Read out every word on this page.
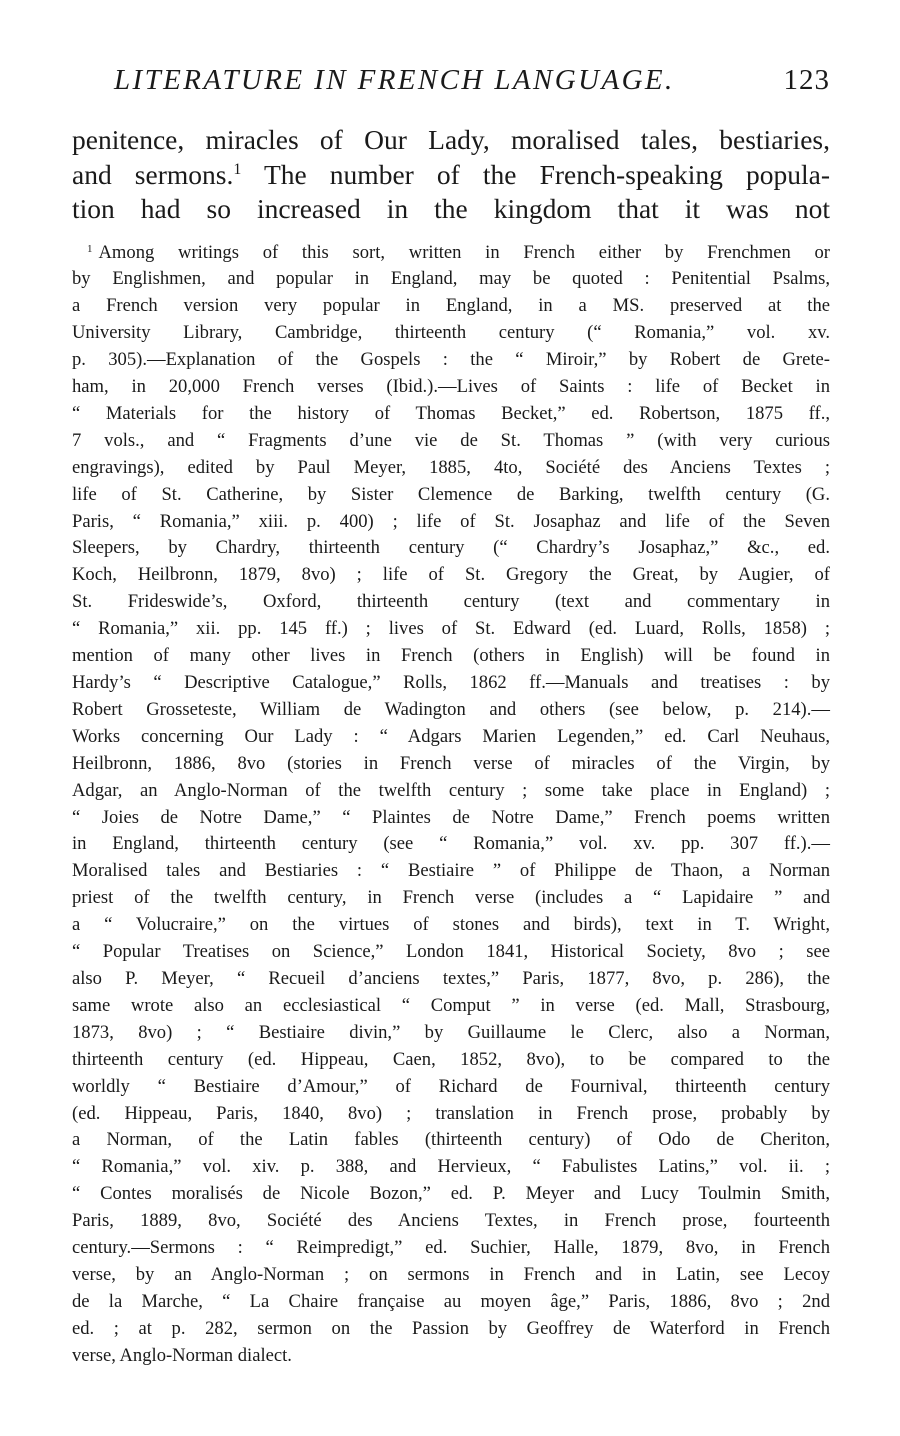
LITERATURE IN FRENCH LANGUAGE.	123
penitence, miracles of Our Lady, moralised tales, bestiaries,
and sermons.$^1$ The number of the French-speaking popula-
tion had so increased in the kingdom that it was not
$^1$ Among writings of this sort, written in French either by Frenchmen or
by Englishmen, and popular in England, may be quoted : Penitential Psalms,
a French version very popular in England, in a MS. preserved at the
University Library, Cambridge, thirteenth century (“ Romania,” vol. xv.
p. 305).—Explanation of the Gospels : the “ Miroir,” by Robert de Grete-
ham, in 20,000 French verses (Ibid.).—Lives of Saints : life of Becket in
“ Materials for the history of Thomas Becket,” ed. Robertson, 1875 ff.,
7 vols., and “ Fragments d’une vie de St. Thomas ” (with very curious
engravings), edited by Paul Meyer, 1885, 4to, Société des Anciens Textes ;
life of St. Catherine, by Sister Clemence de Barking, twelfth century (G.
Paris, “ Romania,” xiii. p. 400) ; life of St. Josaphaz and life of the Seven
Sleepers, by Chardry, thirteenth century (“ Chardry’s Josaphaz,” &c., ed.
Koch, Heilbronn, 1879, 8vo) ; life of St. Gregory the Great, by Augier, of
St. Frideswide’s, Oxford, thirteenth century (text and commentary in
“ Romania,” xii. pp. 145 ff.) ; lives of St. Edward (ed. Luard, Rolls, 1858) ;
mention of many other lives in French (others in English) will be found in
Hardy’s “ Descriptive Catalogue,” Rolls, 1862 ff.—Manuals and treatises : by
Robert Grosseteste, William de Wadington and others (see below, p. 214).—
Works concerning Our Lady : “ Adgars Marien Legenden,” ed. Carl Neuhaus,
Heilbronn, 1886, 8vo (stories in French verse of miracles of the Virgin, by
Adgar, an Anglo-Norman of the twelfth century ; some take place in England) ;
“ Joies de Notre Dame,” “ Plaintes de Notre Dame,” French poems written
in England, thirteenth century (see “ Romania,” vol. xv. pp. 307 ff.).—
Moralised tales and Bestiaries : “ Bestiaire ” of Philippe de Thaon, a Norman
priest of the twelfth century, in French verse (includes a “ Lapidaire ” and
a “ Volucraire,” on the virtues of stones and birds), text in T. Wright,
“ Popular Treatises on Science,” London 1841, Historical Society, 8vo ; see
also P. Meyer, “ Recueil d’anciens textes,” Paris, 1877, 8vo, p. 286), the
same wrote also an ecclesiastical “ Comput ” in verse (ed. Mall, Strasbourg,
1873, 8vo) ; “ Bestiaire divin,” by Guillaume le Clerc, also a Norman,
thirteenth century (ed. Hippeau, Caen, 1852, 8vo), to be compared to the
worldly “ Bestiaire d’Amour,” of Richard de Fournival, thirteenth century
(ed. Hippeau, Paris, 1840, 8vo) ; translation in French prose, probably by
a Norman, of the Latin fables (thirteenth century) of Odo de Cheriton,
“ Romania,” vol. xiv. p. 388, and Hervieux, “ Fabulistes Latins,” vol. ii. ;
“ Contes moralisés de Nicole Bozon,” ed. P. Meyer and Lucy Toulmin Smith,
Paris, 1889, 8vo, Société des Anciens Textes, in French prose, fourteenth
century.—Sermons : “ Reimpredigt,” ed. Suchier, Halle, 1879, 8vo, in French
verse, by an Anglo-Norman ; on sermons in French and in Latin, see Lecoy
de la Marche, “ La Chaire française au moyen âge,” Paris, 1886, 8vo ; 2nd
ed. ; at p. 282, sermon on the Passion by Geoffrey de Waterford in French
verse, Anglo-Norman dialect.
